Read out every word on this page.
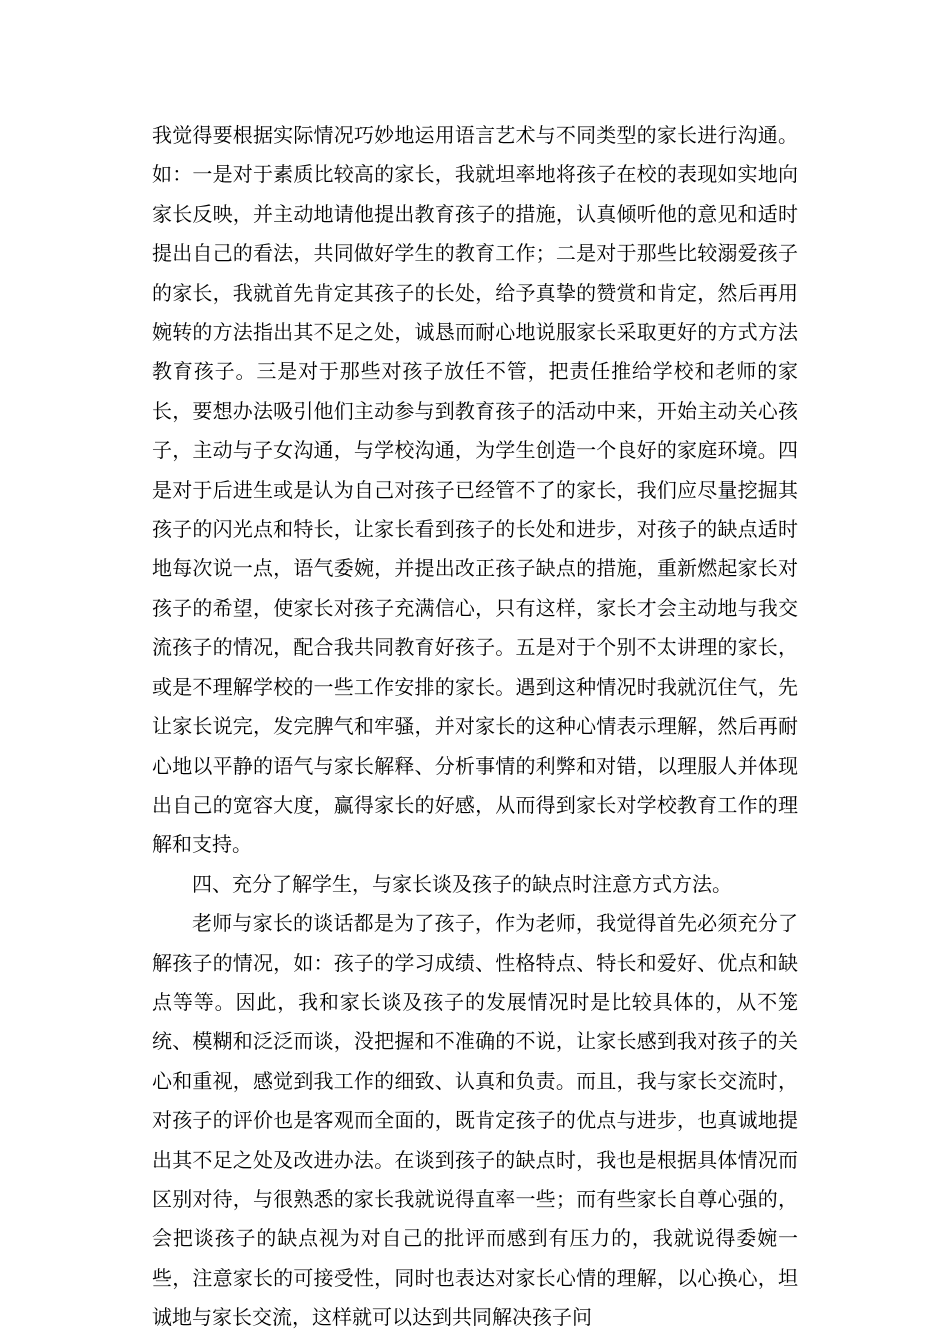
我觉得要根据实际情况巧妙地运用语言艺术与不同类型的家长进行沟通。如：一是对于素质比较高的家长，我就坦率地将孩子在校的表现如实地向家长反映，并主动地请他提出教育孩子的措施，认真倾听他的意见和适时提出自己的看法，共同做好学生的教育工作；二是对于那些比较溺爱孩子的家长，我就首先肯定其孩子的长处，给予真挚的赞赏和肯定，然后再用婉转的方法指出其不足之处，诚恳而耐心地说服家长采取更好的方式方法教育孩子。三是对于那些对孩子放任不管，把责任推给学校和老师的家长，要想办法吸引他们主动参与到教育孩子的活动中来，开始主动关心孩子，主动与子女沟通，与学校沟通，为学生创造一个良好的家庭环境。四是对于后进生或是认为自己对孩子已经管不了的家长，我们应尽量挖掘其孩子的闪光点和特长，让家长看到孩子的长处和进步，对孩子的缺点适时地每次说一点，语气委婉，并提出改正孩子缺点的措施，重新燃起家长对孩子的希望，使家长对孩子充满信心，只有这样，家长才会主动地与我交流孩子的情况，配合我共同教育好孩子。五是对于个别不太讲理的家长，或是不理解学校的一些工作安排的家长。遇到这种情况时我就沉住气，先让家长说完，发完脾气和牢骚，并对家长的这种心情表示理解，然后再耐心地以平静的语气与家长解释、分析事情的利弊和对错，以理服人并体现出自己的宽容大度，赢得家长的好感，从而得到家长对学校教育工作的理解和支持。

四、充分了解学生，与家长谈及孩子的缺点时注意方式方法。

老师与家长的谈话都是为了孩子，作为老师，我觉得首先必须充分了解孩子的情况，如：孩子的学习成绩、性格特点、特长和爱好、优点和缺点等等。因此，我和家长谈及孩子的发展情况时是比较具体的，从不笼统、模糊和泛泛而谈，没把握和不准确的不说，让家长感到我对孩子的关心和重视，感觉到我工作的细致、认真和负责。而且，我与家长交流时，对孩子的评价也是客观而全面的，既肯定孩子的优点与进步，也真诚地提出其不足之处及改进办法。在谈到孩子的缺点时，我也是根据具体情况而区别对待，与很熟悉的家长我就说得直率一些；而有些家长自尊心强的，会把谈孩子的缺点视为对自己的批评而感到有压力的，我就说得委婉一些，注意家长的可接受性，同时也表达对家长心情的理解，以心换心，坦诚地与家长交流，这样就可以达到共同解决孩子问
